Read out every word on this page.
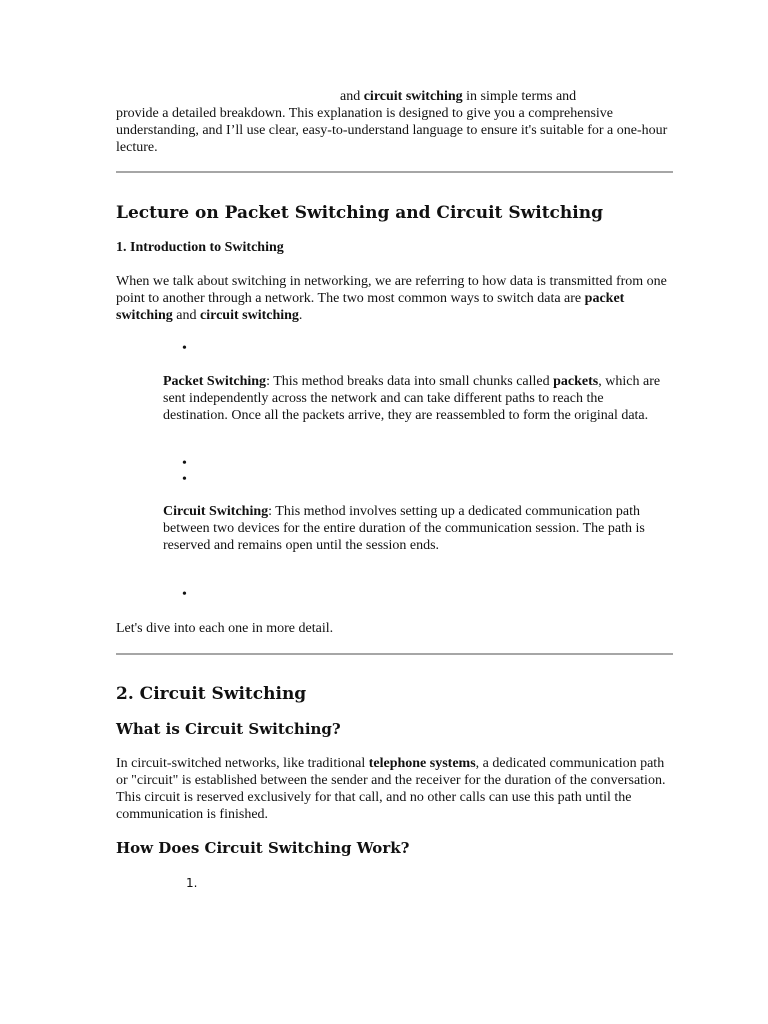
and circuit switching in simple terms and

provide a detailed breakdown. This explanation is designed to give you a comprehensive understanding, and I’ll use clear, easy-to-understand language to ensure it's suitable for a one-hour lecture.

Lecture on Packet Switching and Circuit Switching
1. Introduction to Switching

When we talk about switching in networking, we are referring to how data is transmitted from one point to another through a network. The two most common ways to switch data are packet switching and circuit switching.

•

Packet Switching: This method breaks data into small chunks called packets, which are sent independently across the network and can take different paths to reach the destination. Once all the packets arrive, they are reassembled to form the original data.

•
•

Circuit Switching: This method involves setting up a dedicated communication path between two devices for the entire duration of the communication session. The path is reserved and remains open until the session ends.

•

Let's dive into each one in more detail.

2. Circuit Switching
What is Circuit Switching?

In circuit-switched networks, like traditional telephone systems, a dedicated communication path or "circuit" is established between the sender and the receiver for the duration of the conversation. This circuit is reserved exclusively for that call, and no other calls can use this path until the communication is finished.

How Does Circuit Switching Work?
1.
